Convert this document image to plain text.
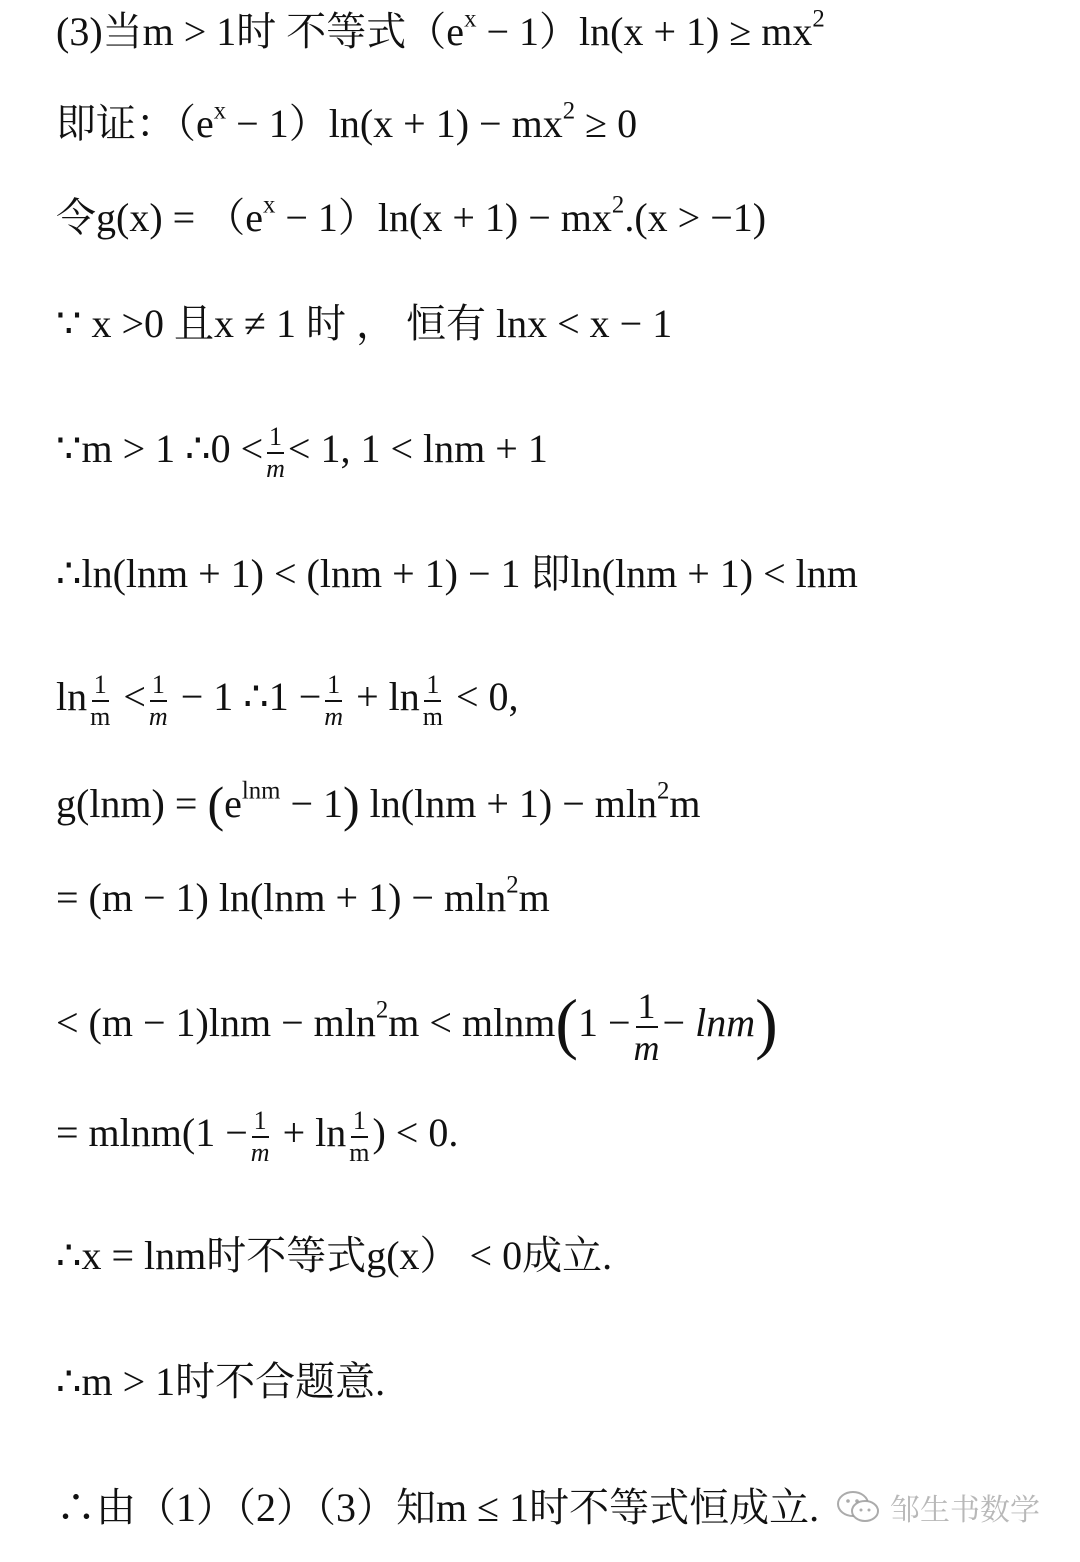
(3)当m > 1时 不等式$(e^x - 1)\ln(x + 1) \ge mx^2$
即证：$(e^x - 1)\ln(x + 1) - mx^2 \ge 0$
令$g(x) = (e^x - 1)\ln(x + 1) - mx^2.(x > -1)$
∵ x >0 且x ≠ 1 时 ， 恒有 lnx < x − 1
∵m > 1 ∴0 < $\frac{1}{m} < 1$, 1 < lnm + 1
∴ln(lnm + 1) < (lnm + 1) − 1 即ln(lnm + 1) < lnm
$\ln \frac{1}{m} < \frac{1}{m} - 1$ ∴1 − $\frac{1}{m} + \ln \frac{1}{m} < 0$,
$g(\ln m) = (e^{lnm} - 1) \ln(\ln m + 1) - mln^2m$
= (m − 1) ln(lnm + 1) − mln$^2$m
< $(m - 1)\ln m - mln^2m < mlnm(1 - \frac{1}{m} - \ln m)$
= $mlnm(1 - \frac{1}{m} + \ln \frac{1}{m}$ ) < 0.
∴x = lnm时不等式g(x） < 0成立.
∴m > 1时不合题意.
∴由（1）（2）（3）知m ≤ 1时不等式恒成立. 邹生书数学
